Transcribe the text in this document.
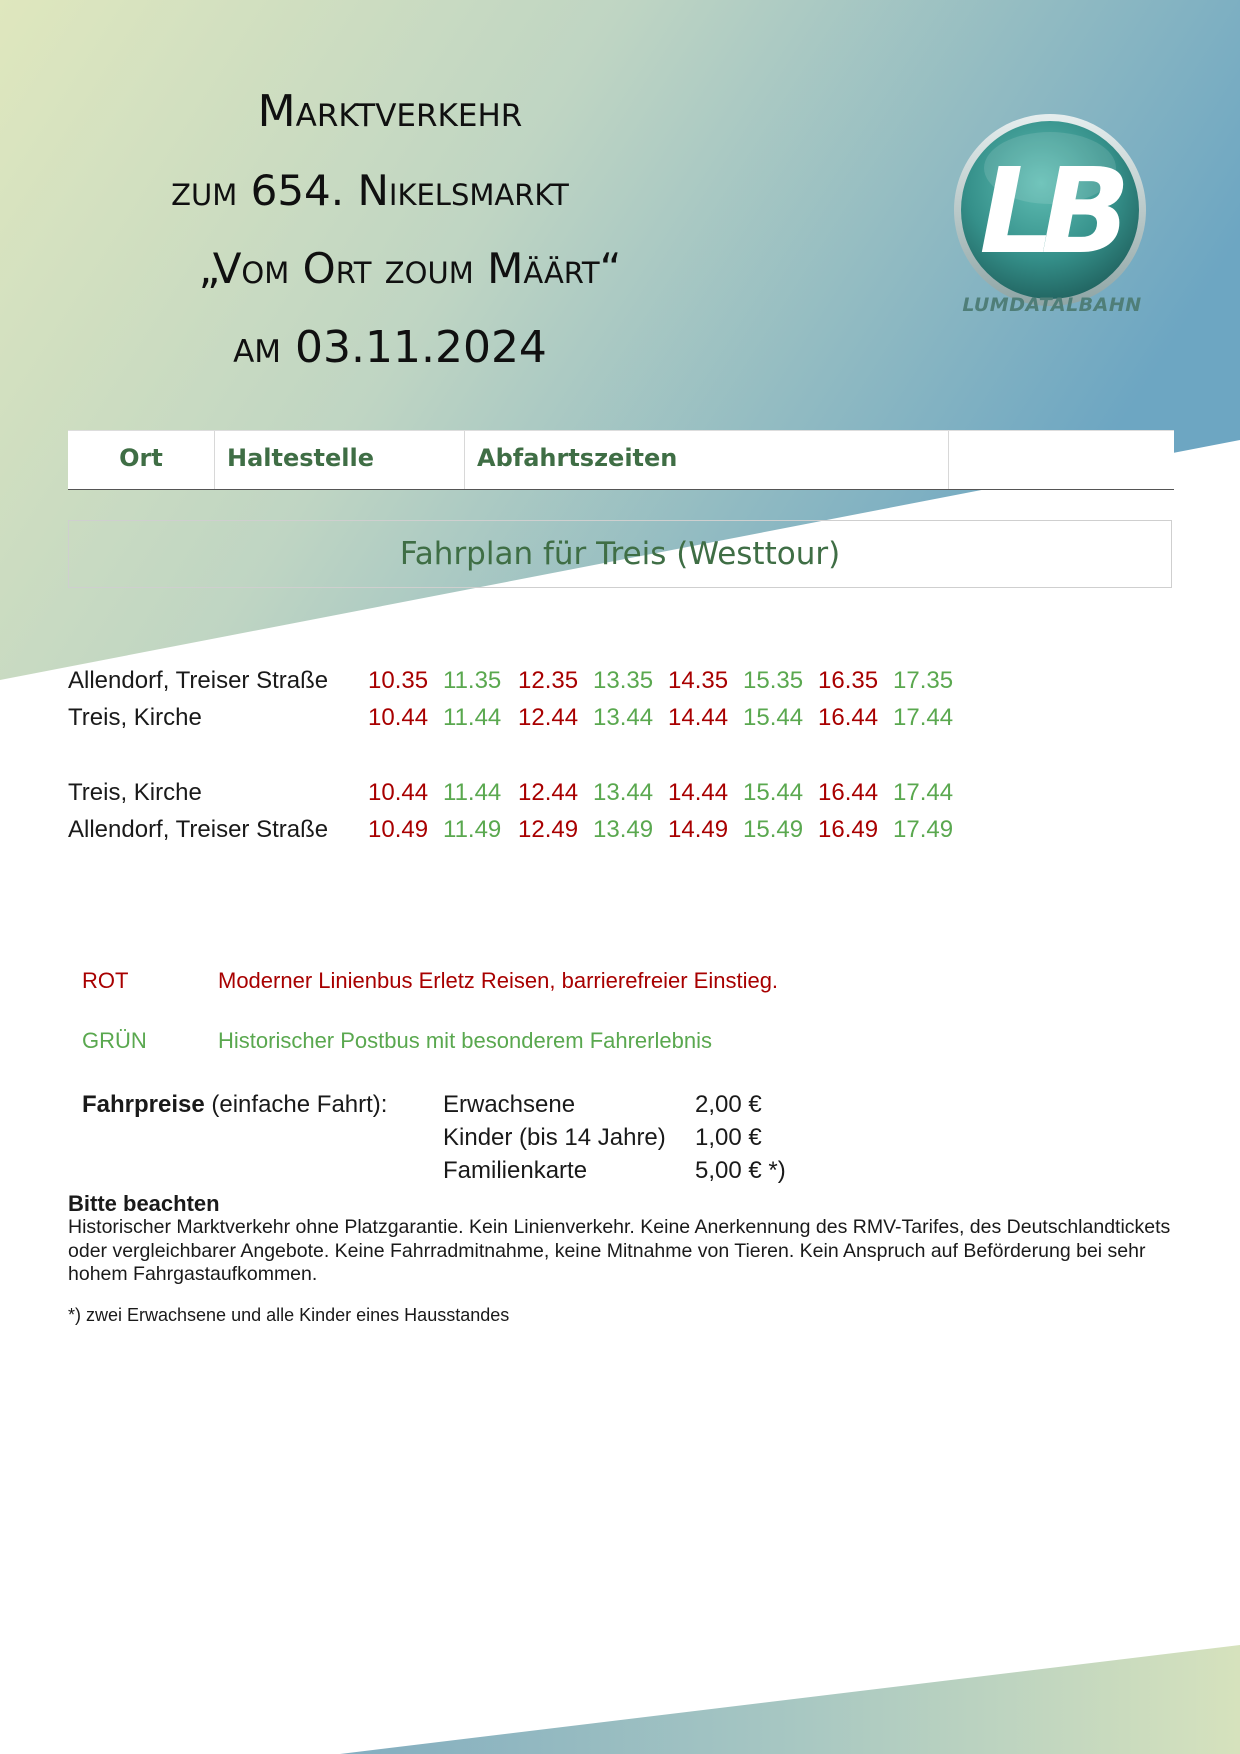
Marktverkehr
zum 654. Nikelsmarkt
„Vom Ort zoum Määrt“
am 03.11.2024
LB
LUMDATALBAHN
Ort	Haltestelle	Abfahrtszeiten
Fahrplan für Treis (Westtour)
Allendorf, Treiser Straße 10.35 11.35 12.35 13.35 14.35 15.35 16.35 17.35
Treis, Kirche	10.44 11.44 12.44 13.44 14.44 15.44 16.44 17.44
Treis, Kirche	10.44 11.44 12.44 13.44 14.44 15.44 16.44 17.44
Allendorf, Treiser Straße 10.49 11.49 12.49 13.49 14.49 15.49 16.49 17.49
ROT	Moderner Linienbus Erletz Reisen, barrierefreier Einstieg.
GRÜN	Historischer Postbus mit besonderem Fahrerlebnis
Fahrpreise (einfache Fahrt): Erwachsene	2,00 €
Kinder (bis 14 Jahre) 1,00 €
Familienkarte	5,00 € *)
Bitte beachten
Historischer Marktverkehr ohne Platzgarantie. Kein Linienverkehr. Keine Anerkennung des RMV-Tarifes, des Deutschlandtickets oder vergleichbarer Angebote. Keine Fahrradmitnahme, keine Mitnahme von Tieren. Kein Anspruch auf Beförderung bei sehr hohem Fahrgastaufkommen.
*) zwei Erwachsene und alle Kinder eines Hausstandes
